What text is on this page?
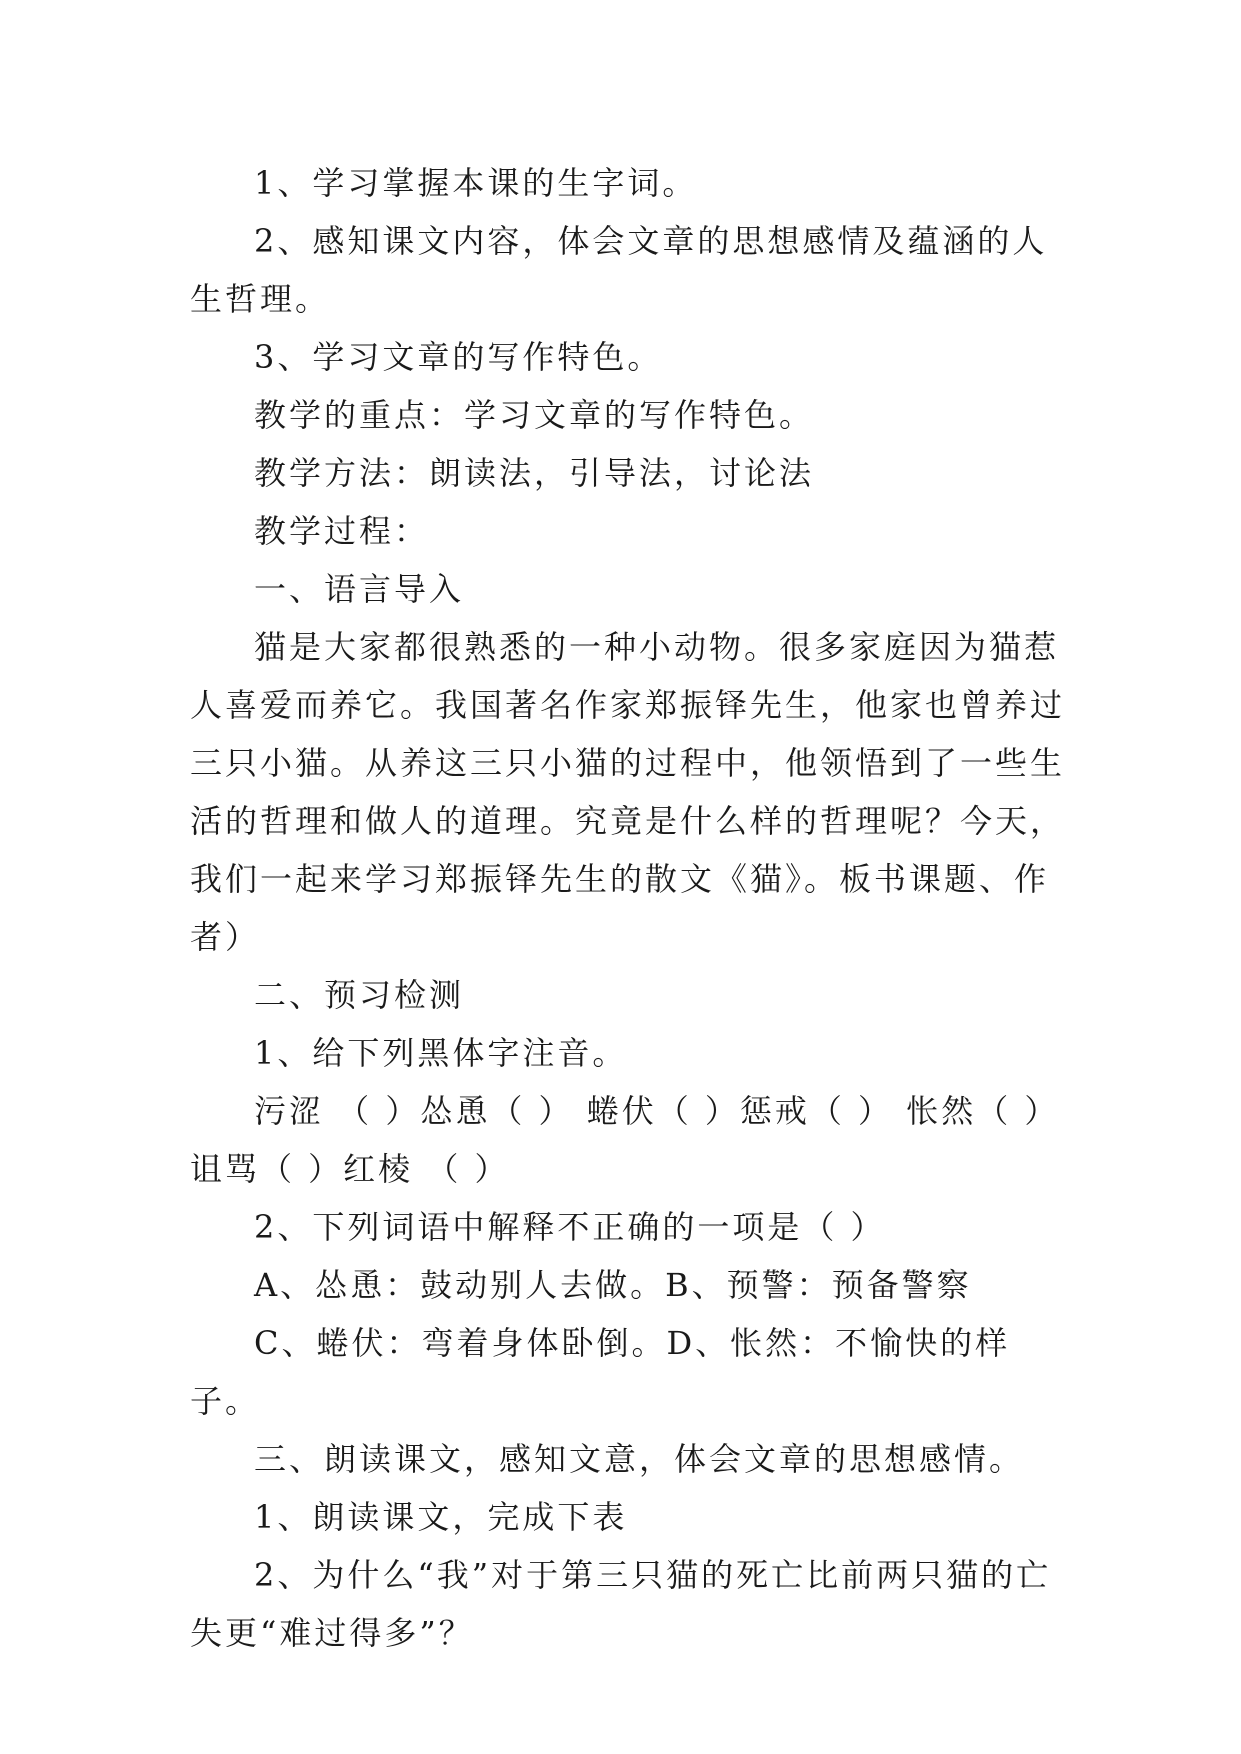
1、学习掌握本课的生字词。

2、感知课文内容，体会文章的思想感情及蕴涵的人生哲理。

3、学习文章的写作特色。

教学的重点：学习文章的写作特色。

教学方法：朗读法，引导法，讨论法

教学过程：

一、语言导入

猫是大家都很熟悉的一种小动物。很多家庭因为猫惹人喜爱而养它。我国著名作家郑振铎先生，他家也曾养过三只小猫。从养这三只小猫的过程中，他领悟到了一些生活的哲理和做人的道理。究竟是什么样的哲理呢？今天，我们一起来学习郑振铎先生的散文《猫》。板书课题、作者）

二、预习检测

1、给下列黑体字注音。

污涩 （ ）怂恿（ ） 蜷伏（ ）惩戒（ ） 怅然（ ）

诅骂（ ）红棱 （ ）

2、下列词语中解释不正确的一项是（ ）

A、怂恿：鼓动别人去做。B、预警：预备警察

C、蜷伏：弯着身体卧倒。D、怅然：不愉快的样子。

三、朗读课文，感知文意，体会文章的思想感情。

1、朗读课文，完成下表

2、为什么“我”对于第三只猫的死亡比前两只猫的亡失更“难过得多”？
